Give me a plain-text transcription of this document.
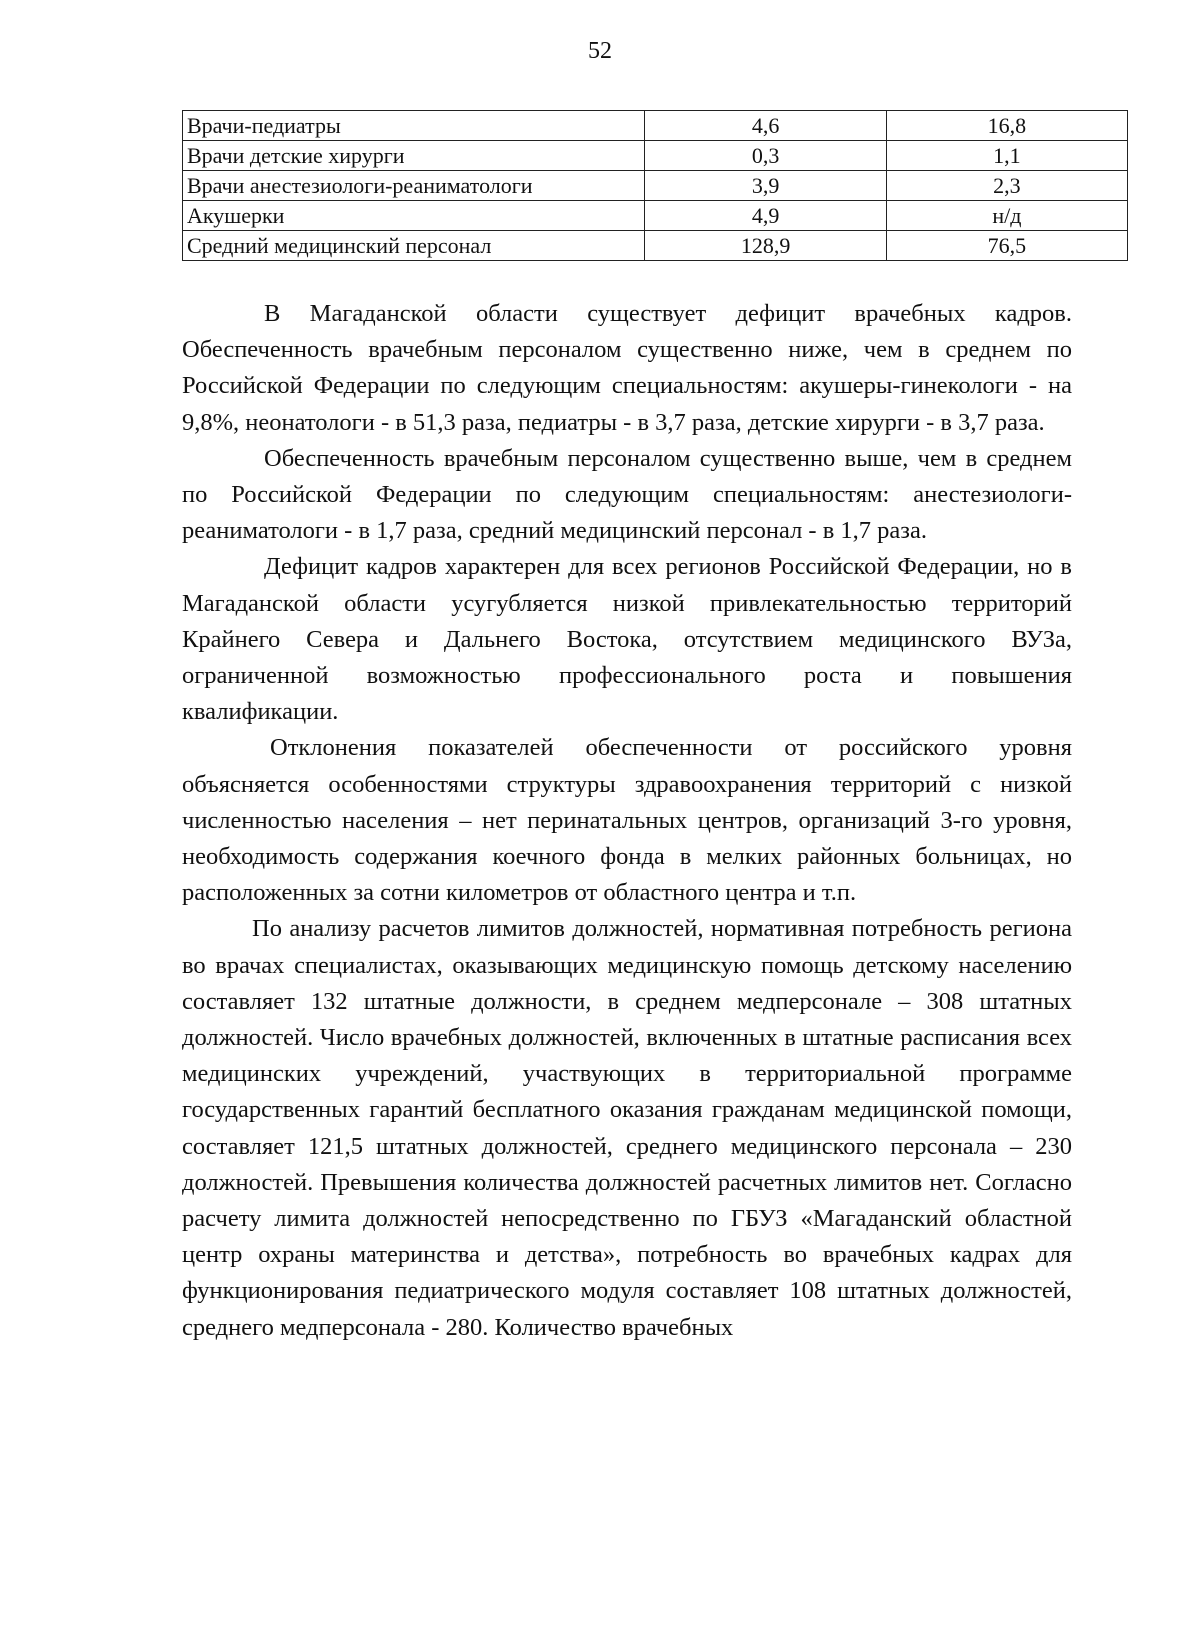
52
Врачи-педиатры	4,6	16,8
Врачи детские хирурги	0,3	1,1
Врачи анестезиологи-реаниматологи	3,9	2,3
Акушерки	4,9	н/д
Средний медицинский персонал	128,9	76,5

В Магаданской области существует дефицит врачебных кадров. Обеспеченность врачебным персоналом существенно ниже, чем в среднем по Российской Федерации по следующим специальностям: акушеры-гинекологи - на 9,8%, неонатологи - в 51,3 раза, педиатры - в 3,7 раза, детские хирурги - в 3,7 раза.

Обеспеченность врачебным персоналом существенно выше, чем в среднем по Российской Федерации по следующим специальностям: анестезиологи-реаниматологи - в 1,7 раза, средний медицинский персонал - в 1,7 раза.

Дефицит кадров характерен для всех регионов Российской Федерации, но в Магаданской области усугубляется низкой привлекательностью территорий Крайнего Севера и Дальнего Востока, отсутствием медицинского ВУЗа, ограниченной возможностью профессионального роста и повышения квалификации.

Отклонения показателей обеспеченности от российского уровня объясняется особенностями структуры здравоохранения территорий с низкой численностью населения – нет перинатальных центров, организаций 3-го уровня, необходимость содержания коечного фонда в мелких районных больницах, но расположенных за сотни километров от областного центра и т.п.

По анализу расчетов лимитов должностей, нормативная потребность региона во врачах специалистах, оказывающих медицинскую помощь детскому населению составляет 132 штатные должности, в среднем медперсонале – 308 штатных должностей. Число врачебных должностей, включенных в штатные расписания всех медицинских учреждений, участвующих в территориальной программе государственных гарантий бесплатного оказания гражданам медицинской помощи, составляет 121,5 штатных должностей, среднего медицинского персонала – 230 должностей. Превышения количества должностей расчетных лимитов нет. Согласно расчету лимита должностей непосредственно по ГБУЗ «Магаданский областной центр охраны материнства и детства», потребность во врачебных кадрах для функционирования педиатрического модуля составляет 108 штатных должностей, среднего медперсонала - 280. Количество врачебных
